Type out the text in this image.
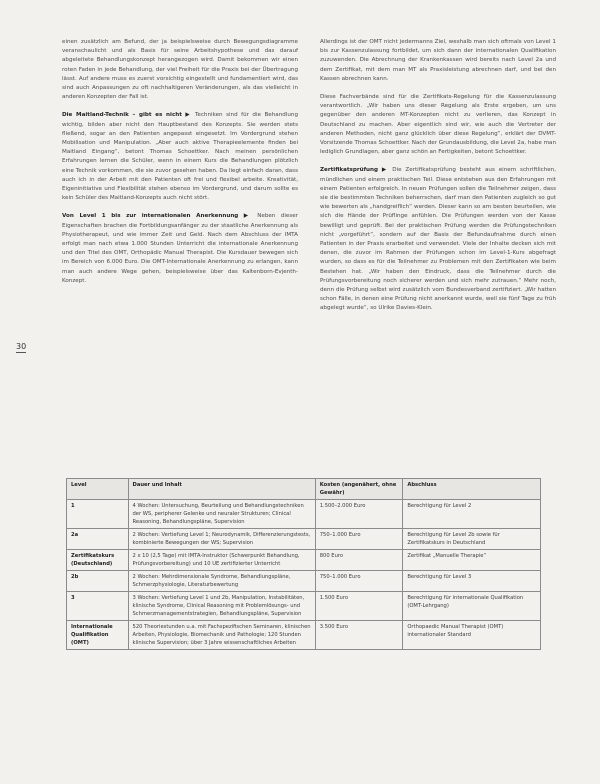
30

einen zusätzlich am Befund, der ja beispielsweise durch Bewegungsdiagramme veranschaulicht und als Basis für seine Arbeitshypothese und das darauf abgeleitete Behandlungskonzept herangezogen wird. Damit bekommen wir einen roten Faden in jede Behandlung, der viel Freiheit für die Praxis bei der Übertragung lässt. Auf andere muss es zuerst vorsichtig eingestellt und fundamentiert wird, das sind auch Anpassungen zu oft nachhaltigeren Veränderungen, als das vielleicht in anderen Konzepten der Fall ist.

Die Maitland-Technik – gibt es nicht ▶ Techniken sind für die Behandlung wichtig, bilden aber nicht den Hauptbestand des Konzepts. Sie werden stets fließend, sogar an den Patienten angepasst eingesetzt. Im Vordergrund stehen Mobilisation und Manipulation. „Aber auch aktive Therapieelemente finden bei Maitland Eingang“, betont Thomas Schoettker. Nach meinen persönlichen Erfahrungen lernen die Schüler, wenn in einem Kurs die Behandlungen plötzlich eine Technik vorkommen, die sie zuvor gesehen haben. Da liegt einfach daran, dass auch ich in der Arbeit mit den Patienten oft frei und flexibel arbeite. Kreativität, Eigeninitiative und Flexibilität stehen ebenso im Vordergrund, und darum sollte es kein Schüler des Maitland-Konzepts auch nicht stört.

Von Level 1 bis zur internationalen Anerkennung ▶ Neben dieser Eigenschaften brachen die Fortbildungsanfänger zu der staatliche Anerkennung als Physiotherapeut, und wie immer Zeit und Geld. Nach dem Abschluss der IMTA erfolgt man nach etwa 1.000 Stunden Unterricht die internationale Anerkennung und den Titel des OMT, Orthopädic Manual Therapist. Die Kursdauer bewegen sich im Bereich von 6.000 Euro. Die OMT-Internationale Anerkennung zu erlangen, kann man auch andere Wege gehen, beispielsweise über das Kaltenborn-Evjenth-Konzept.

Allerdings ist der OMT nicht jedermanns Ziel, weshalb man sich oftmals von Level 1 bis zur Kassenzulassung fortbildet, um sich dann der internationalen Qualifikation zuzuwenden. Die Abrechnung der Krankenkassen wird bereits nach Level 2a und dem Zertifikat, mit dem man MT als Praxisleistung abrechnen darf, und bei den Kassen abrechnen kann.

Diese Fachverbände sind für die Zertifikats-Regelung für die Kassenzulassung verantwortlich. „Wir haben uns dieser Regelung als Erste ergeben, um uns gegenüber den anderen MT-Konzepten nicht zu verlieren, das Konzept in Deutschland zu machen. Aber eigentlich sind wir, wie auch die Vertreter der anderen Methoden, nicht ganz glücklich über diese Regelung“, erklärt der DVMT-Vorsitzende Thomas Schoettker. Nach der Grundausbildung, die Level 2a, habe man lediglich Grundlagen, aber ganz schön an Fertigkeiten, betont Schoettker.

Zertifikatsprüfung ▶ Die Zertifikatsprüfung besteht aus einem schriftlichen, mündlichen und einem praktischen Teil. Diese entstehen aus den Erfahrungen mit einem Patienten erfolgreich. In neuen Prüfungen sollen die Teilnehmer zeigen, dass sie die bestimmten Techniken beherrschen, darf man den Patienten zugleich so gut wie bewerten als „handgreiflich“ werden. Dieser kann so am besten beurteilen, wie sich die Hände der Prüflinge anfühlen. Die Prüfungen werden von der Kasse bewilligt und geprüft. Bei der praktischen Prüfung werden die Prüfungstechniken nicht „vorgeführt“, sondern auf der Basis der Befundaufnahme durch einen Patienten in der Praxis erarbeitet und verwendet. Viele der Inhalte decken sich mit denen, die zuvor im Rahmen der Prüfungen schon im Level-1-Kurs abgefragt wurden, so dass es für die Teilnehmer zu Problemen mit den Zertifikaten wie beim Bestehen hat. „Wir haben den Eindruck, dass die Teilnehmer durch die Prüfungsvorbereitung noch sicherer werden und sich mehr zutrauen.“ Mehr noch, denn die Prüfung selbst wird zusätzlich vom Bundesverband zertifiziert. „Wir hatten schon Fälle, in denen eine Prüfung nicht anerkannt wurde, weil sie fünf Tage zu früh abgelegt wurde“, so Ulrike Davies-Klein.

Level	Dauer und Inhalt	Kosten (angenähert, ohne Gewähr)	Abschluss
1	4 Wochen: Untersuchung, Beurteilung und Behandlungstechniken der WS, peripherer Gelenke und neuraler Strukturen; Clinical Reasoning, Behandlungspläne, Supervision	1.500–2.000 Euro	Berechtigung für Level 2
2a	2 Wochen: Vertiefung Level 1; Neurodynamik, Differenzierungstests, kombinierte Bewegungen der WS; Supervision	750–1.000 Euro	Berechtigung für Level 2b sowie für Zertifikatskurs in Deutschland
Zertifikatskurs (Deutschland)	2 x 10 (2,5 Tage) mit IMTA-Instruktor (Schwerpunkt Behandlung, Prüfungsvorbereitung) und 10 UE zertifizierter Unterricht	800 Euro	Zertifikat „Manuelle Therapie“
2b	2 Wochen: Mehrdimensionale Syndrome, Behandlungspläne, Schmerzphysiologie, Literaturbewertung	750–1.000 Euro	Berechtigung für Level 3
3	3 Wochen: Vertiefung Level 1 und 2b, Manipulation, Instabilitäten, klinische Syndrome, Clinical Reasoning mit Problemlösungs- und Schmerzmanagementstrategien, Behandlungspläne, Supervision	1.500 Euro	Berechtigung für internationale Qualifikation (OMT-Lehrgang)
Internationale Qualifikation (OMT)	520 Theoriestunden u.a. mit Fachspezifischen Seminaren, klinischen Arbeiten, Physiologie, Biomechanik und Pathologie; 120 Stunden klinische Supervision; über 3 Jahre wissenschaftliches Arbeiten	3.500 Euro	Orthopaedic Manual Therapist (OMT) internationaler Standard
